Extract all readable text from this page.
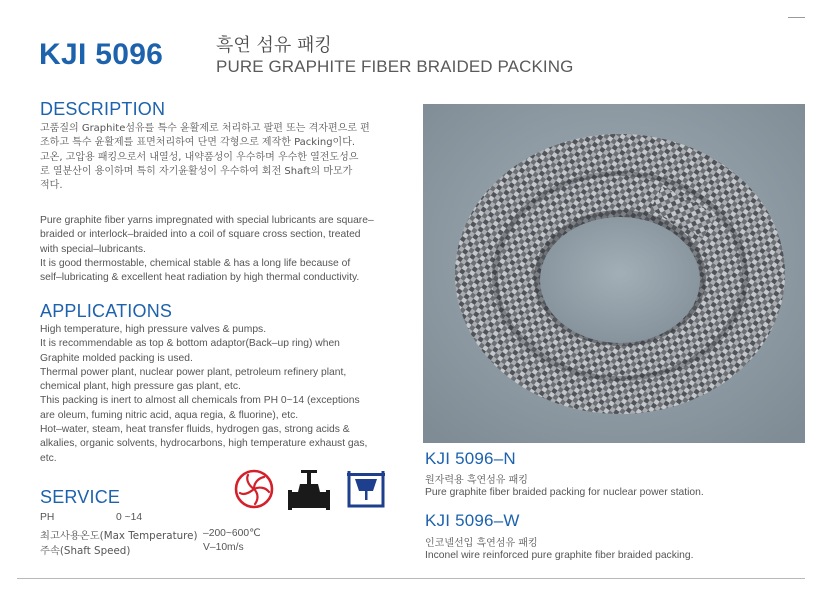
KJI 5096	흑연 섬유 패킹
PURE GRAPHITE FIBER BRAIDED PACKING
DESCRIPTION
고품질의 Graphite섬유를 특수 윤활제로 처리하고 팔편 또는 격자편으로 편
조하고 특수 윤활제를 표면처리하여 단면 각형으로 제작한 Packing이다.
고온, 고압용 패킹으로서 내열성, 내약품성이 우수하며 우수한 열전도성으
로 열분산이 용이하며 특히 자기윤활성이 우수하여 회전 Shaft의 마모가
적다.
Pure graphite fiber yarns impregnated with special lubricants are square–
braided or interlock–braided into a coil of square cross section, treated
with special–lubricants.
It is good thermostable, chemical stable & has a long life because of
self–lubricating & excellent heat radiation by high thermal conductivity.
APPLICATIONS
High temperature, high pressure valves & pumps.
It is recommendable as top & bottom adaptor(Back–up ring) when
Graphite molded packing is used.
Thermal power plant, nuclear power plant, petroleum refinery plant,
chemical plant, high pressure gas plant, etc.
This packing is inert to almost all chemicals from PH 0~14 (exceptions
are oleum, fuming nitric acid, aqua regia, & fluorine), etc.
Hot–water, steam, heat transfer fluids, hydrogen gas, strong acids &
alkalies, organic solvents, hydrocarbons, high temperature exhaust gas,
etc.
SERVICE
PH	0 ~14
최고사용온도(Max Temperature) –200~600℃
주속(Shaft Speed)	V–10m/s
KJI 5096–N
원자력용 흑연섬유 패킹
Pure graphite fiber braided packing for nuclear power station.
KJI 5096–W
인코넬선입 흑연섬유 패킹
Inconel wire reinforced pure graphite fiber braided packing.
